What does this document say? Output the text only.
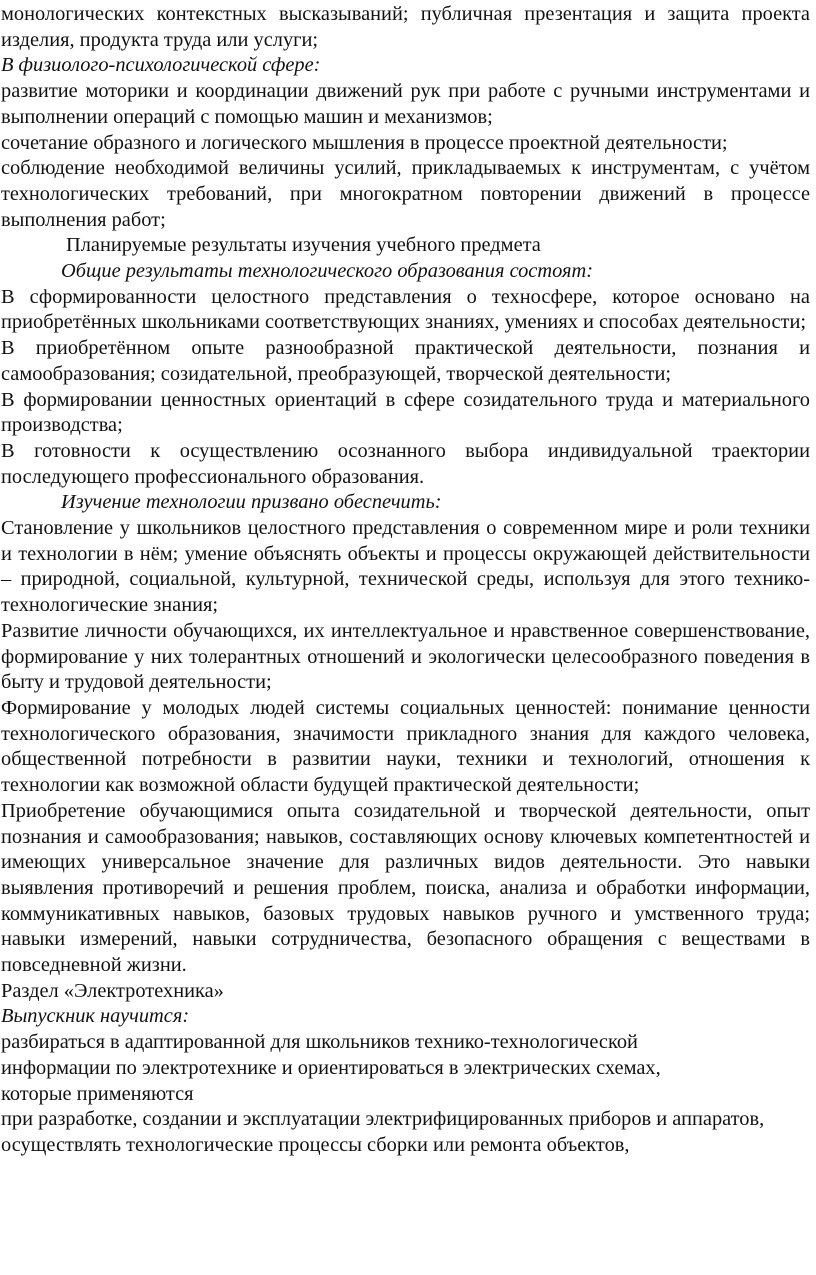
монологических контекстных высказываний; публичная презентация и защита проекта изделия, продукта труда или услуги;

В физиолого-психологической сфере:

развитие моторики и координации движений рук при работе с ручными инструментами и выполнении операций с помощью машин и механизмов;

сочетание образного и логического мышления в процессе проектной деятельности;

соблюдение необходимой величины усилий, прикладываемых к инструментам, с учётом технологических требований, при многократном повторении движений в процессе выполнения работ;

Планируемые результаты изучения учебного предмета

Общие результаты технологического образования состоят:

В сформированности целостного представления о техносфере, которое основано на приобретённых школьниками соответствующих знаниях, умениях и способах деятельности;

В приобретённом опыте разнообразной практической деятельности, познания и самообразования; созидательной, преобразующей, творческой деятельности;

В формировании ценностных ориентаций в сфере созидательного труда и материального производства;

В готовности к осуществлению осознанного выбора индивидуальной траектории последующего профессионального образования.

Изучение технологии призвано обеспечить:

Становление у школьников целостного представления о современном мире и роли техники и технологии в нём; умение объяснять объекты и процессы окружающей действительности – природной, социальной, культурной, технической среды, используя для этого технико-технологические знания;

Развитие личности обучающихся, их интеллектуальное и нравственное совершенствование, формирование у них толерантных отношений и экологически целесообразного поведения в быту и трудовой деятельности;

Формирование у молодых людей системы социальных ценностей: понимание ценности технологического образования, значимости прикладного знания для каждого человека, общественной потребности в развитии науки, техники и технологий, отношения к технологии как возможной области будущей практической деятельности;

Приобретение обучающимися опыта созидательной и творческой деятельности, опыт познания и самообразования; навыков, составляющих основу ключевых компетентностей и имеющих универсальное значение для различных видов деятельности. Это навыки выявления противоречий и решения проблем, поиска, анализа и обработки информации, коммуникативных навыков, базовых трудовых навыков ручного и умственного труда; навыки измерений, навыки сотрудничества, безопасного обращения с веществами в повседневной жизни.

Раздел «Электротехника»

Выпускник научится:

разбираться в адаптированной для школьников технико-технологической

информации по электротехнике и ориентироваться в электрических схемах,

которые применяются

при разработке, создании и эксплуатации электрифицированных приборов и аппаратов,

осуществлять технологические процессы сборки или ремонта объектов,
